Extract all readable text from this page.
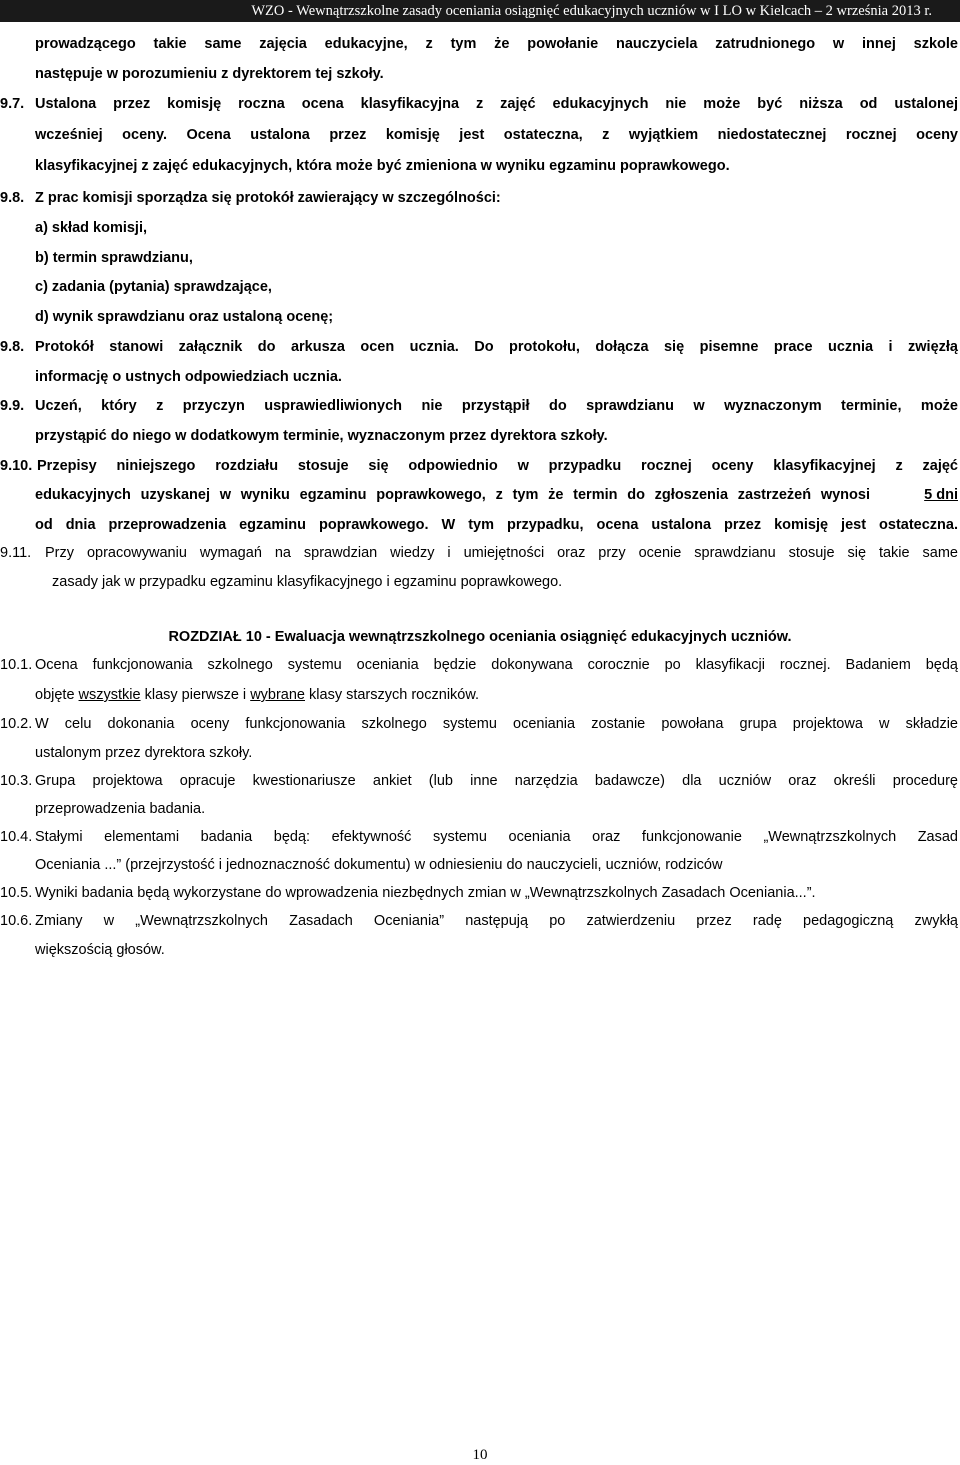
WZO - Wewnątrzszkolne zasady oceniania osiągnięć edukacyjnych uczniów w I LO w Kielcach – 2 września 2013 r.
prowadzącego takie same zajęcia edukacyjne, z tym że powołanie nauczyciela zatrudnionego w innej szkole
następuje w porozumieniu z dyrektorem tej szkoły.
9.7. Ustalona przez komisję roczna ocena klasyfikacyjna z zajęć edukacyjnych nie może być niższa od ustalonej
wcześniej oceny. Ocena ustalona przez komisję jest ostateczna, z wyjątkiem niedostatecznej rocznej oceny
klasyfikacyjnej z zajęć edukacyjnych, która może być zmieniona w wyniku egzaminu poprawkowego.
9.8. Z prac komisji sporządza się protokół zawierający w szczególności:
a) skład komisji,
b) termin sprawdzianu,
c) zadania (pytania) sprawdzające,
d) wynik sprawdzianu oraz ustaloną ocenę;
9.8. Protokół stanowi załącznik do arkusza ocen ucznia. Do protokołu, dołącza się pisemne prace ucznia i zwięzłą
informację o ustnych odpowiedziach ucznia.
9.9. Uczeń, który z przyczyn usprawiedliwionych nie przystąpił do sprawdzianu w wyznaczonym terminie, może
przystąpić do niego w dodatkowym terminie, wyznaczonym przez dyrektora szkoły.
9.10. Przepisy niniejszego rozdziału stosuje się odpowiednio w przypadku rocznej oceny klasyfikacyjnej z zajęć
edukacyjnych uzyskanej w wyniku egzaminu poprawkowego, z tym że termin do zgłoszenia zastrzeżeń wynosi	5 dni
od dnia przeprowadzenia egzaminu poprawkowego. W tym przypadku, ocena ustalona przez komisję jest ostateczna.
9.11. Przy opracowywaniu wymagań na sprawdzian wiedzy i umiejętności oraz przy ocenie sprawdzianu stosuje się takie same
zasady jak w przypadku egzaminu klasyfikacyjnego i egzaminu poprawkowego.
ROZDZIAŁ 10 - Ewaluacja wewnątrzszkolnego oceniania osiągnięć edukacyjnych uczniów.
10.1. Ocena funkcjonowania szkolnego systemu oceniania będzie dokonywana corocznie po klasyfikacji rocznej. Badaniem będą
objęte wszystkie klasy pierwsze i wybrane klasy starszych roczników.
10.2. W celu dokonania oceny funkcjonowania szkolnego systemu oceniania zostanie powołana grupa projektowa w składzie
ustalonym przez dyrektora szkoły.
10.3. Grupa projektowa opracuje kwestionariusze ankiet (lub inne narzędzia badawcze) dla uczniów oraz określi procedurę
przeprowadzenia badania.
10.4. Stałymi elementami badania będą: efektywność systemu oceniania oraz funkcjonowanie „Wewnątrzszkolnych Zasad
Oceniania ...” (przejrzystość i jednoznaczność dokumentu) w odniesieniu do nauczycieli, uczniów, rodziców
10.5. Wyniki badania będą wykorzystane do wprowadzenia niezbędnych zmian w „Wewnątrzszkolnych Zasadach Oceniania...”.
10.6. Zmiany w „Wewnątrzszkolnych Zasadach Oceniania” następują po zatwierdzeniu przez radę pedagogiczną zwykłą
większością głosów.
10
